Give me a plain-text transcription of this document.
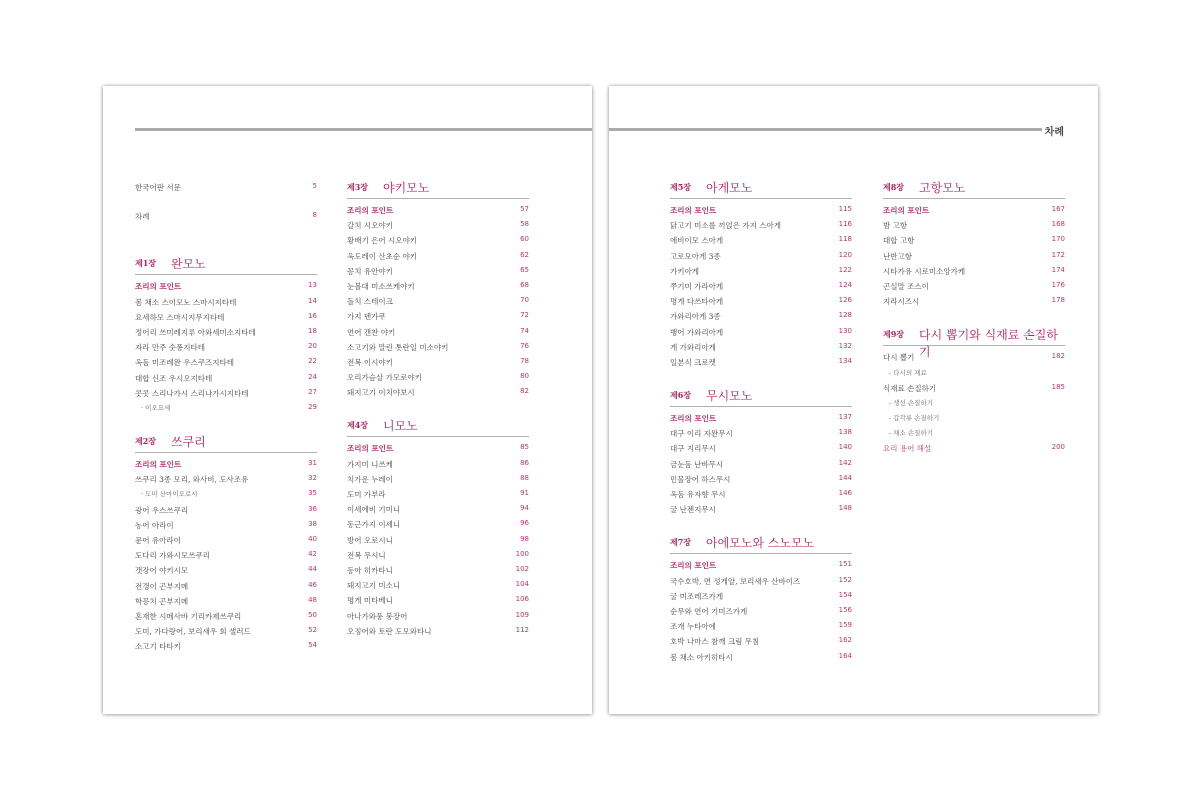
한국어판 서문	5
차례	8
제1장 완모노
조리의 포인트	13
봄 채소 스이모노 스마시지타테	14
요세하모 스마시지무지타테	16
정어리 쓰미레지루 아와세미소지타테	18
자라 만주 숫퐁지타테	20
옥돔 미조레완 우스쿠즈지타테	22
대합 신조 우시오지타테	24
콧콧 스리나가시 스리나가시지타테	27
· 이오요세	29
제2장 쓰쿠리
조리의 포인트	31
쓰쿠리 3종 모리, 와사비, 도사조유	32
· 도미 산마이오로시	35
광어 우스쓰쿠리	36
농어 아라이	38
문어 유아라이	40
도다리 가와시모쓰쿠리	42
갯장어 야키시모	44
전갱이 곤부지메	46
학꽁치 곤부지메	48
혼재한 시메사바 기리카제쓰쿠리	50
도미, 가다랑어, 보리새우 회 샐러드	52
소고기 타타키	54
제3장 야키모노
조리의 포인트	57
갈치 시오야키	58
황배기 은어 시오야키	60
옥도레이 산초순 야키	62
꽁치 유안야키	65
눈볼대 미소쓰케야키	68
돌치 스테이크	70
가지 덴가쿠	72
연어 갠찬 야키	74
소고기와 말린 톳란일 미소야키	76
전복 이시야키	78
오리가슴살 가모로야키	80
돼지고기 이치야보시	82
제4장 니모노
조리의 포인트	85
가지미 니쓰케	86
치가운 누레이	88
도미 가부라	91
이세에비 기미니	94
동근가지 이세니	96
방어 오로시니	98
전복 무시니	100
동아 히카타니	102
돼지고기 미소니	104
명게 미타베니	106
아나가와풍 붕장어	109
오징어와 토란 도모와타니	112
차례
제5장 아게모노
조리의 포인트	115
닭고기 미소를 끼얹은 가지 스아게	116
에비이모 스아게	118
고로모아게 3종	120
가키아게	122
쭈기미 가라아게	124
명게 다쓰타아게	126
가와리아게 3종	128
뱅어 가와리아게	130
게 가와리아게	132
일본식 크로켓	134
제6장 무시모노
조리의 포인트	137
대구 이리 자완무시	138
대구 지리무시	140
금눈돔 난바무시	142
민물장어 하스무시	144
옥돔 유자향 무시	146
굴 난젠지무시	148
제7장 아에모노와 스노모노
조리의 포인트	151
국수호박, 면 성게알, 보리새우 산바이즈	152
굴 미조레즈가게	154
순무와 연어 기미즈가게	156
조개 누타아에	159
호박 나마스 참깨 크림 무침	162
봄 채소 아키히타시	164
제8장 고항모노
조리의 포인트	167
밤 고항	168
대합 고항	170
난반고항	172
시타가유 시로미소앙가케	174
곤실말 조스이	176
지라시즈시	178
제9장 다시 뽑기와 식재료 손질하기
다시 뽑기	182
- 다시의 재료
식재료 손질하기	185
- 생선 손질하기
- 갑각류 손질하기
- 채소 손질하기
요리 용어 해설	200
